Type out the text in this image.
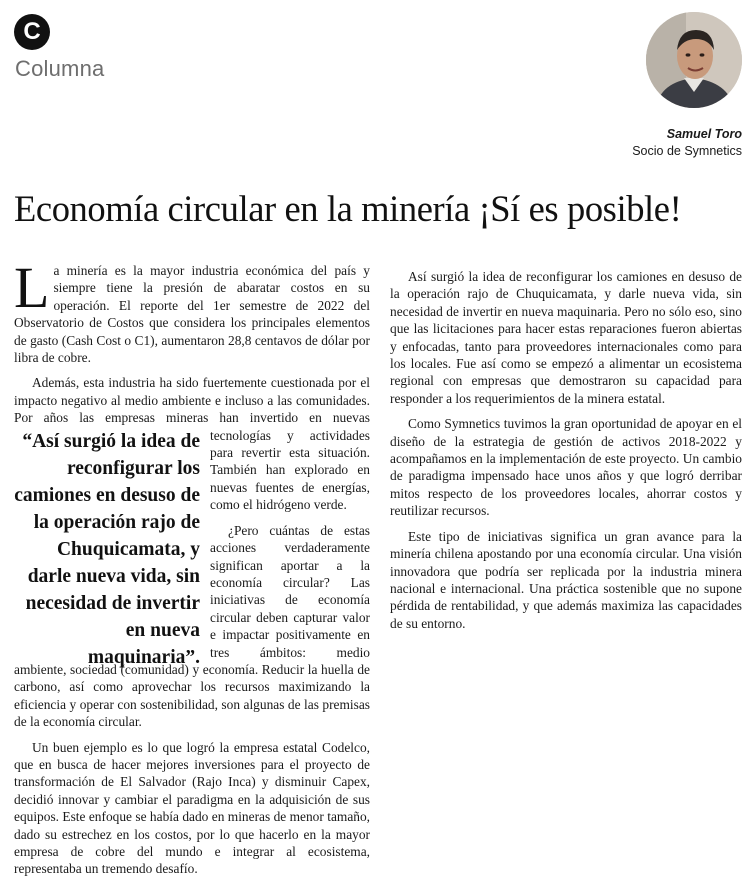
C
Columna
Samuel Toro
Socio de Symnetics
Economía circular en la minería ¡Sí es posible!

La minería es la mayor industria económica del país y siempre tiene la presión de abaratar costos en su operación. El reporte del 1er semestre de 2022 del Observatorio de Costos que considera los principales elementos de gasto (Cash Cost o C1), aumentaron 28,8 centavos de dólar por libra de cobre.

Además, esta industria ha sido fuertemente cuestionada por el impacto negativo al medio ambiente e incluso a las comunidades. Por años las empresas mineras han invertido en nuevas tecnologías y actividades para revertir esta situación. También han explorado en nuevas fuentes de energías, como el hidrógeno verde.

¿Pero cuántas de estas acciones verdaderamente significan aportar a la economía circular? Las iniciativas de economía circular deben capturar valor e impactar positivamente en tres ámbitos: medio ambiente, sociedad (comunidad) y economía. Reducir la huella de carbono, así como aprovechar los recursos maximizando la eficiencia y operar con sostenibilidad, son algunas de las premisas de la economía circular.

Un buen ejemplo es lo que logró la empresa estatal Codelco, que en busca de hacer mejores inversiones para el proyecto de transformación de El Salvador (Rajo Inca) y disminuir Capex, decidió innovar y cambiar el paradigma en la adquisición de sus equipos. Este enfoque se había dado en mineras de menor tamaño, dado su estrechez en los costos, por lo que hacerlo en la mayor empresa de cobre del mundo e integrar al ecosistema, representaba un tremendo desafío.

Así surgió la idea de reconfigurar los camiones en desuso de la operación rajo de Chuquicamata, y darle nueva vida, sin necesidad de invertir en nueva maquinaria. Pero no sólo eso, sino que las licitaciones para hacer estas reparaciones fueron abiertas y enfocadas, tanto para proveedores internacionales como para los locales. Fue así como se empezó a alimentar un ecosistema regional con empresas que demostraron su capacidad para responder a los requerimientos de la minera estatal.

Como Symnetics tuvimos la gran oportunidad de apoyar en el diseño de la estrategia de gestión de activos 2018-2022 y acompañamos en la implementación de este proyecto. Un cambio de paradigma impensado hace unos años y que logró derribar mitos respecto de los proveedores locales, ahorrar costos y reutilizar recursos.

Este tipo de iniciativas significa un gran avance para la minería chilena apostando por una economía circular. Una visión innovadora que podría ser replicada por la industria minera nacional e internacional. Una práctica sostenible que no supone pérdida de rentabilidad, y que además maximiza las capacidades de su entorno.

“Así surgió la idea de reconfigurar los camiones en desuso de la operación rajo de Chuquicamata, y darle nueva vida, sin necesidad de invertir en nueva maquinaria”.
